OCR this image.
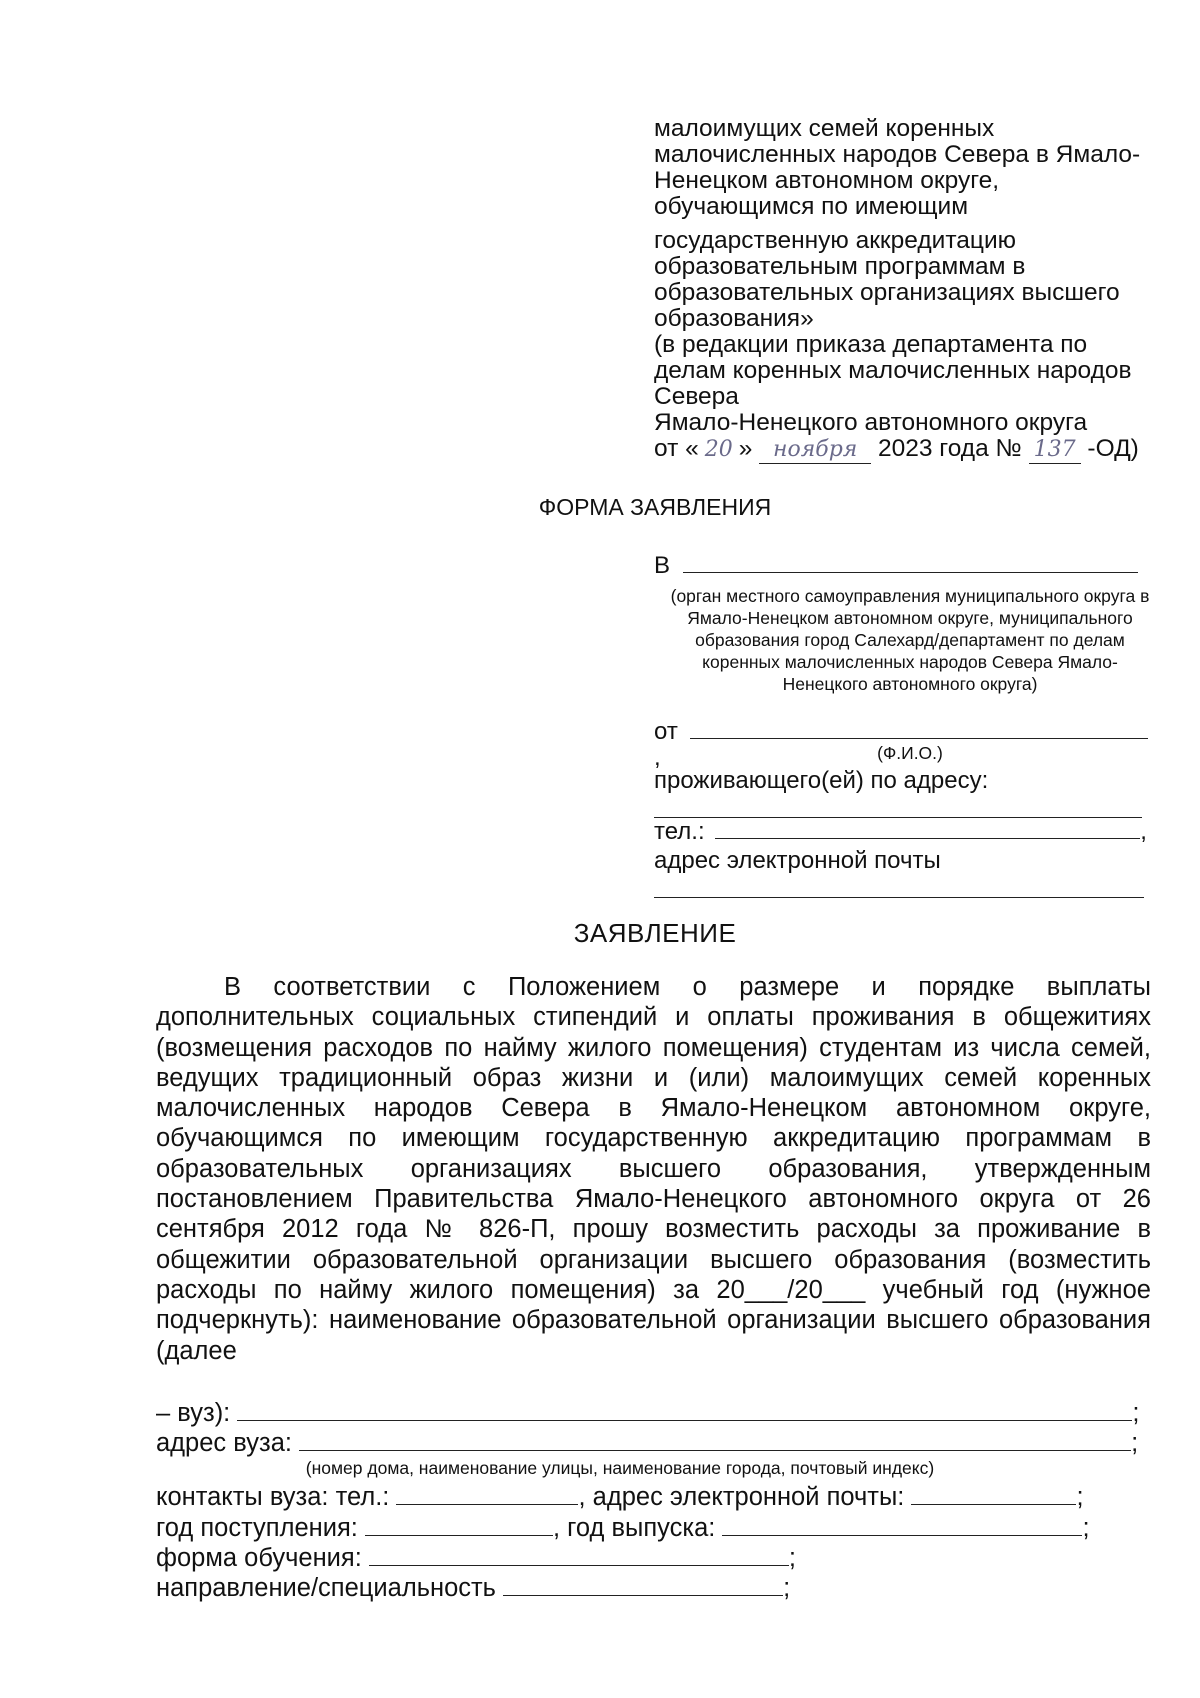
малоимущих семей коренных
малочисленных народов Севера в Ямало-
Ненецком автономном округе,
обучающимся по имеющим
государственную аккредитацию
образовательным программам в
образовательных организациях высшего
образования»
(в редакции приказа департамента по
делам коренных малочисленных народов
Севера
Ямало-Ненецкого автономного округа
от « 20 » ноября 2023 года № 137 -ОД)
ФОРМА ЗАЯВЛЕНИЯ
В
(орган местного самоуправления муниципального округа в Ямало-Ненецком автономном округе, муниципального образования город Салехард/департамент по делам коренных малочисленных народов Севера Ямало-Ненецкого автономного округа)
от ,	(Ф.И.О.)
проживающего(ей) по адресу:
тел.:	,
адрес электронной почты
ЗАЯВЛЕНИЕ

В соответствии с Положением о размере и порядке выплаты дополнительных социальных стипендий и оплаты проживания в общежитиях (возмещения расходов по найму жилого помещения) студентам из числа семей, ведущих традиционный образ жизни и (или) малоимущих семей коренных малочисленных народов Севера в Ямало-Ненецком автономном округе, обучающимся по имеющим государственную аккредитацию программам в образовательных организациях высшего образования, утвержденным постановлением Правительства Ямало-Ненецкого автономного округа от 26 сентября 2012 года № 826-П, прошу возместить расходы за проживание в общежитии образовательной организации высшего образования (возместить расходы по найму жилого помещения) за 20___/20___ учебный год (нужное подчеркнуть): наименование образовательной организации высшего образования (далее

– вуз):	;
адрес вуза:	;
(номер дома, наименование улицы, наименование города, почтовый индекс)
контакты вуза: тел.:	, адрес электронной почты:	;
год поступления:	, год выпуска:	;
форма обучения:	;
направление/специальность	;
